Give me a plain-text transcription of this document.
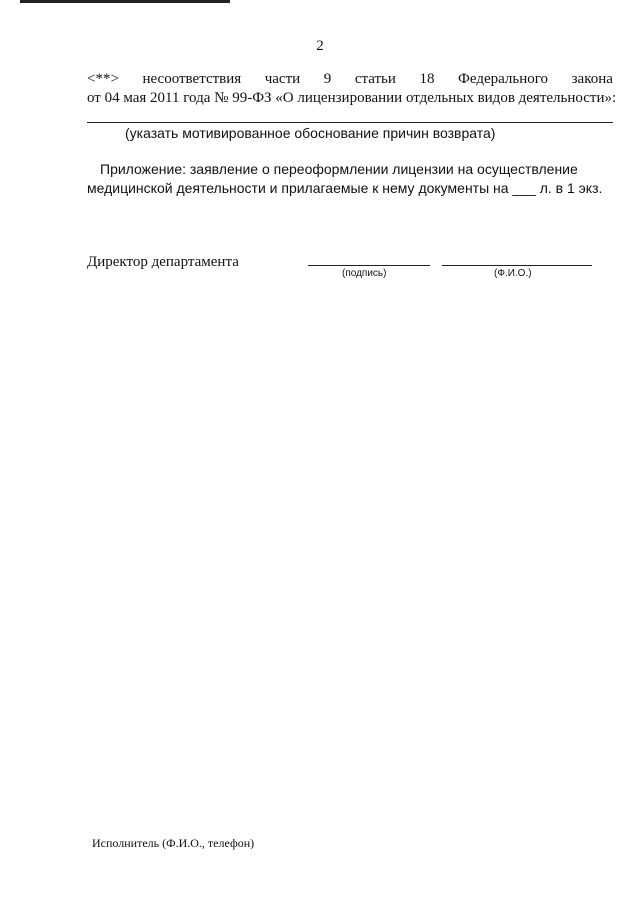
2
<**> несоответствия части 9 статьи 18 Федерального закона
от 04 мая 2011 года № 99-ФЗ «О лицензировании отдельных видов деятельности»:
(указать мотивированное обоснование причин возврата)
Приложение: заявление о переоформлении лицензии на осуществление
медицинской деятельности и прилагаемые к нему документы на ___ л. в 1 экз.
Директор департамента
(подпись)	(Ф.И.О.)
Исполнитель (Ф.И.О., телефон)
